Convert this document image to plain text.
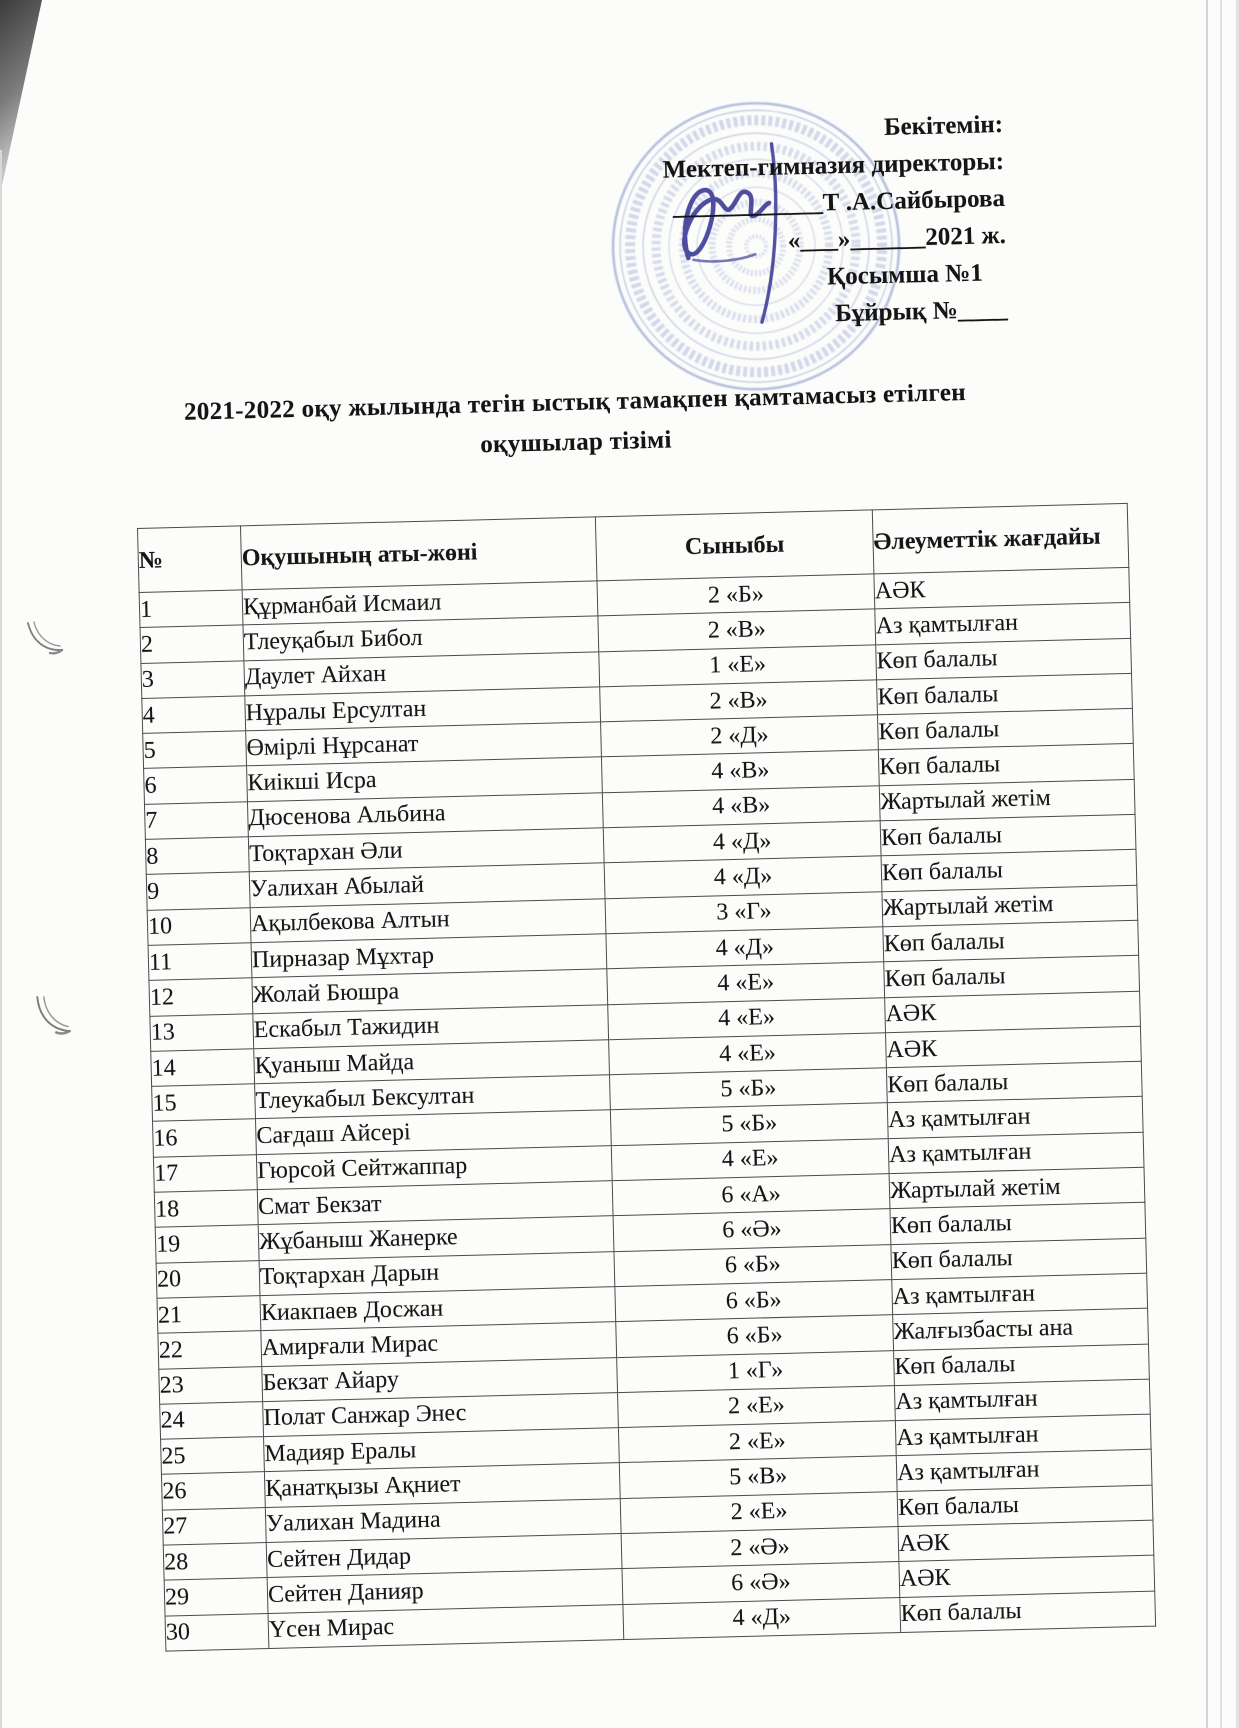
Бекітемін:
Мектеп-гимназия директоры:
____________Т .А.Сайбырова
«___»______2021 ж.
Қосымша №1
Бұйрық №____
2021-2022 оқу жылында тегін ыстық тамақпен қамтамасыз етілген
оқушылар тізімі
№	Оқушының аты-жөні	Сыныбы	Әлеуметтік жағдайы

1	Құрманбай Исмаил	2 «Б»	АӘК
2	Тлеуқабыл Бибол	2 «В»	Аз қамтылған
3	Даулет Айхан	1 «Е»	Көп балалы
4	Нұралы Ерсултан	2 «В»	Көп балалы
5	Өмірлі Нұрсанат	2 «Д»	Көп балалы
6	Киікші Исра	4 «В»	Көп балалы
7	Дюсенова Альбина	4 «В»	Жартылай жетім
8	Тоқтархан Әли	4 «Д»	Көп балалы
9	Уалихан Абылай	4 «Д»	Көп балалы
10	Ақылбекова Алтын	3 «Г»	Жартылай жетім
11	Пирназар Мұхтар	4 «Д»	Көп балалы
12	Жолай Бюшра	4 «Е»	Көп балалы
13	Ескабыл Тажидин	4 «Е»	АӘК
14	Қуаныш Майда	4 «Е»	АӘК
15	Тлеукабыл Бексултан	5 «Б»	Көп балалы
16	Сағдаш Айсері	5 «Б»	Аз қамтылған
17	Гюрсой Сейтжаппар	4 «Е»	Аз қамтылған
18	Смат Бекзат	6 «А»	Жартылай жетім
19	Жұбаныш Жанерке	6 «Ә»	Көп балалы
20	Тоқтархан Дарын	6 «Б»	Көп балалы
21	Киакпаев Досжан	6 «Б»	Аз қамтылған
22	Амирғали Мирас	6 «Б»	Жалғызбасты ана
23	Бекзат Айару	1 «Г»	Көп балалы
24	Полат Санжар Энес	2 «Е»	Аз қамтылған
25	Мадияр Ералы	2 «Е»	Аз қамтылған
26	Қанатқызы Ақниет	5 «В»	Аз қамтылған
27	Уалихан Мадина	2 «Е»	Көп балалы
28	Сейтен Дидар	2 «Ә»	АӘК
29	Сейтен Данияр	6 «Ә»	АӘК
30	Үсен Мирас	4 «Д»	Көп балалы
